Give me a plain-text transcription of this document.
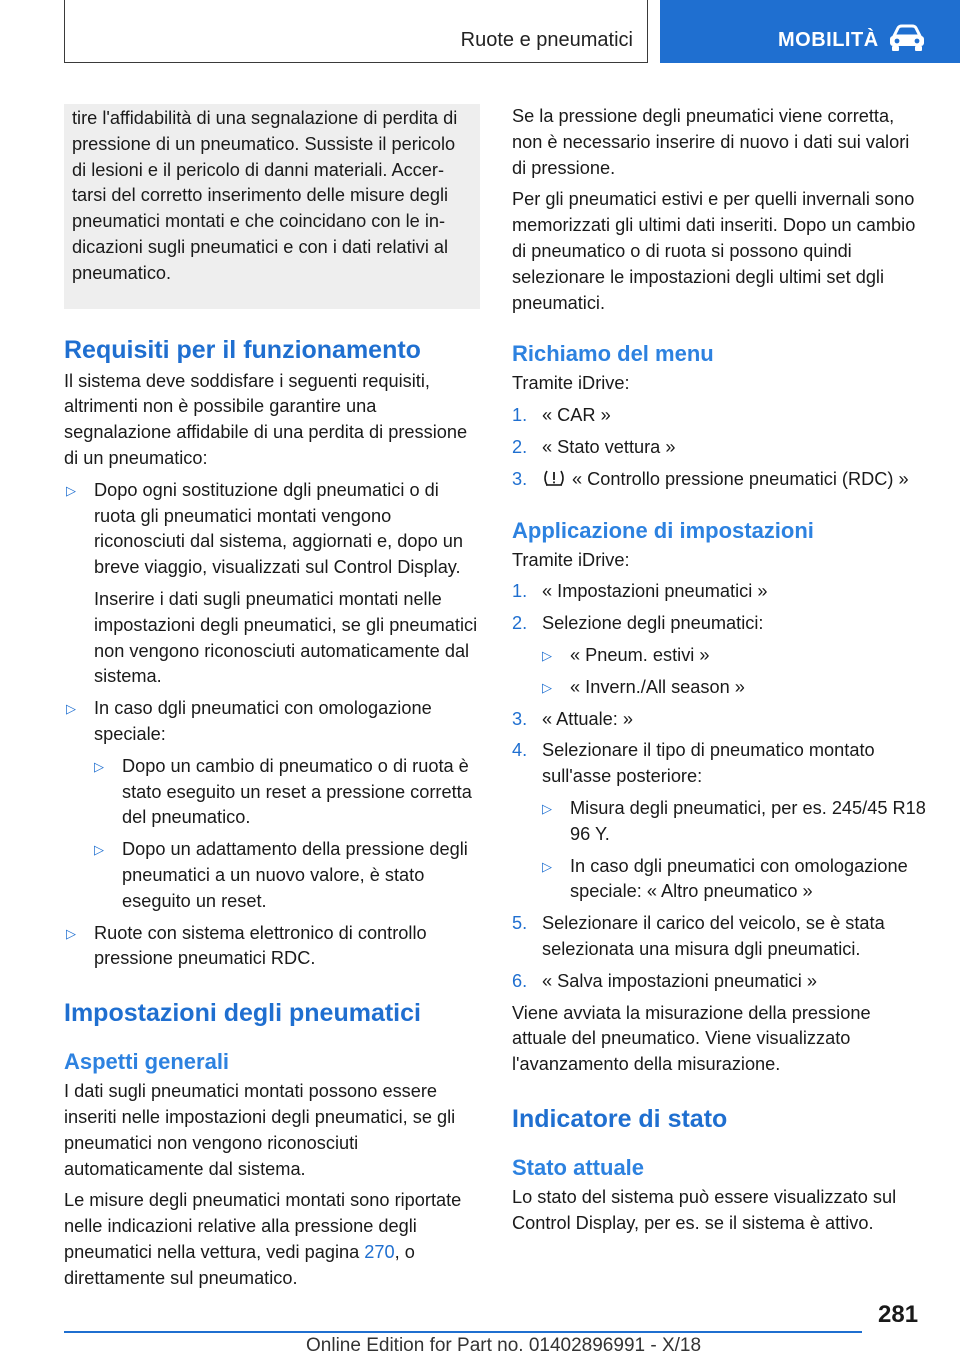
Ruote e pneumatici	MOBILITÀ

tire l'affidabilità di una segnalazione di perdita di

pressione di un pneumatico. Sussiste il pericolo

di lesioni e il pericolo di danni materiali. Accer-

tarsi del corretto inserimento delle misure degli

pneumatici montati e che coincidano con le in-

dicazioni sugli pneumatici e con i dati relativi al

pneumatico.

Requisiti per il funzionamento

Il sistema deve soddisfare i seguenti requisiti, altrimenti non è possibile garantire una segnalazione affidabile di una perdita di pressione di un pneumatico:

▷ Dopo ogni sostituzione dgli pneumatici o di ruota gli pneumatici montati vengono riconosciuti dal sistema, aggiornati e, dopo un breve viaggio, visualizzati sul Control Display.
Inserire i dati sugli pneumatici montati nelle impostazioni degli pneumatici, se gli pneumatici non vengono riconosciuti automaticamente dal sistema.
▷ In caso dgli pneumatici con omologazione speciale:
▷ Dopo un cambio di pneumatico o di ruota è stato eseguito un reset a pressione corretta del pneumatico.
▷ Dopo un adattamento della pressione degli pneumatici a un nuovo valore, è stato eseguito un reset.
▷ Ruote con sistema elettronico di controllo pressione pneumatici RDC.
Impostazioni degli pneumatici
Aspetti generali

I dati sugli pneumatici montati possono essere inseriti nelle impostazioni degli pneumatici, se gli pneumatici non vengono riconosciuti automaticamente dal sistema.

Le misure degli pneumatici montati sono riportate nelle indicazioni relative alla pressione degli pneumatici nella vettura, vedi pagina 270, o direttamente sul pneumatico.

Se la pressione degli pneumatici viene corretta, non è necessario inserire di nuovo i dati sui valori di pressione.

Per gli pneumatici estivi e per quelli invernali sono memorizzati gli ultimi dati inseriti. Dopo un cambio di pneumatico o di ruota si possono quindi selezionare le impostazioni degli ultimi set dgli pneumatici.

Richiamo del menu

Tramite iDrive:

1. « CAR »
2. « Stato vettura »
3. « Controllo pressione pneumatici (RDC) »
Applicazione di impostazioni

Tramite iDrive:

1. « Impostazioni pneumatici »
2. Selezione degli pneumatici:
▷ « Pneum. estivi »
▷ « Invern./All season »
3. « Attuale: »
4. Selezionare il tipo di pneumatico montato sull'asse posteriore:
▷ Misura degli pneumatici, per es. 245/45 R18 96 Y.
▷ In caso dgli pneumatici con omologazione speciale: « Altro pneumatico »
5. Selezionare il carico del veicolo, se è stata selezionata una misura dgli pneumatici.
6. « Salva impostazioni pneumatici »

Viene avviata la misurazione della pressione attuale del pneumatico. Viene visualizzato l'avanzamento della misurazione.

Indicatore di stato
Stato attuale

Lo stato del sistema può essere visualizzato sul Control Display, per es. se il sistema è attivo.

281
Online Edition for Part no. 01402896991 - X/18
